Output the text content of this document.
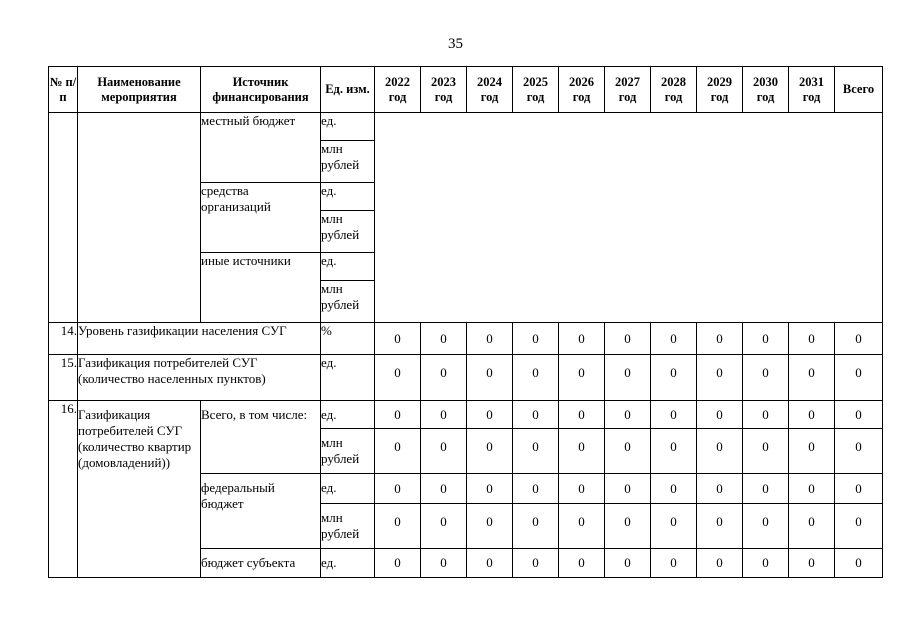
35
№ п/п	Наименование мероприятия	Источник финансирования	Ед. изм.	2022 год	2023 год	2024 год	2025 год	2026 год	2027 год	2028 год	2029 год	2030 год	2031 год	Всего
		местный бюджет	ед.											
			млн рублей											
		средства организаций	ед.											
			млн рублей											
		иные источники	ед.											
			млн рублей											
14.	Уровень газификации населения СУГ		%	0	0	0	0	0	0	0	0	0	0	0
15.	Газификация потребителей СУГ (количество населенных пунктов)		ед.	0	0	0	0	0	0	0	0	0	0	0

16.	Газификация потребителей СУГ (количество квартир (домовладений))	Всего, в том числе:	ед.	0	0	0	0	0	0	0	0	0	0	0
			млн рублей	0	0	0	0	0	0	0	0	0	0	0

		федеральный бюджет	ед.	0	0	0	0	0	0	0	0	0	0	0
			млн рублей	0	0	0	0	0	0	0	0	0	0	0

		бюджет субъекта	ед.	0	0	0	0	0	0	0	0	0	0	0
